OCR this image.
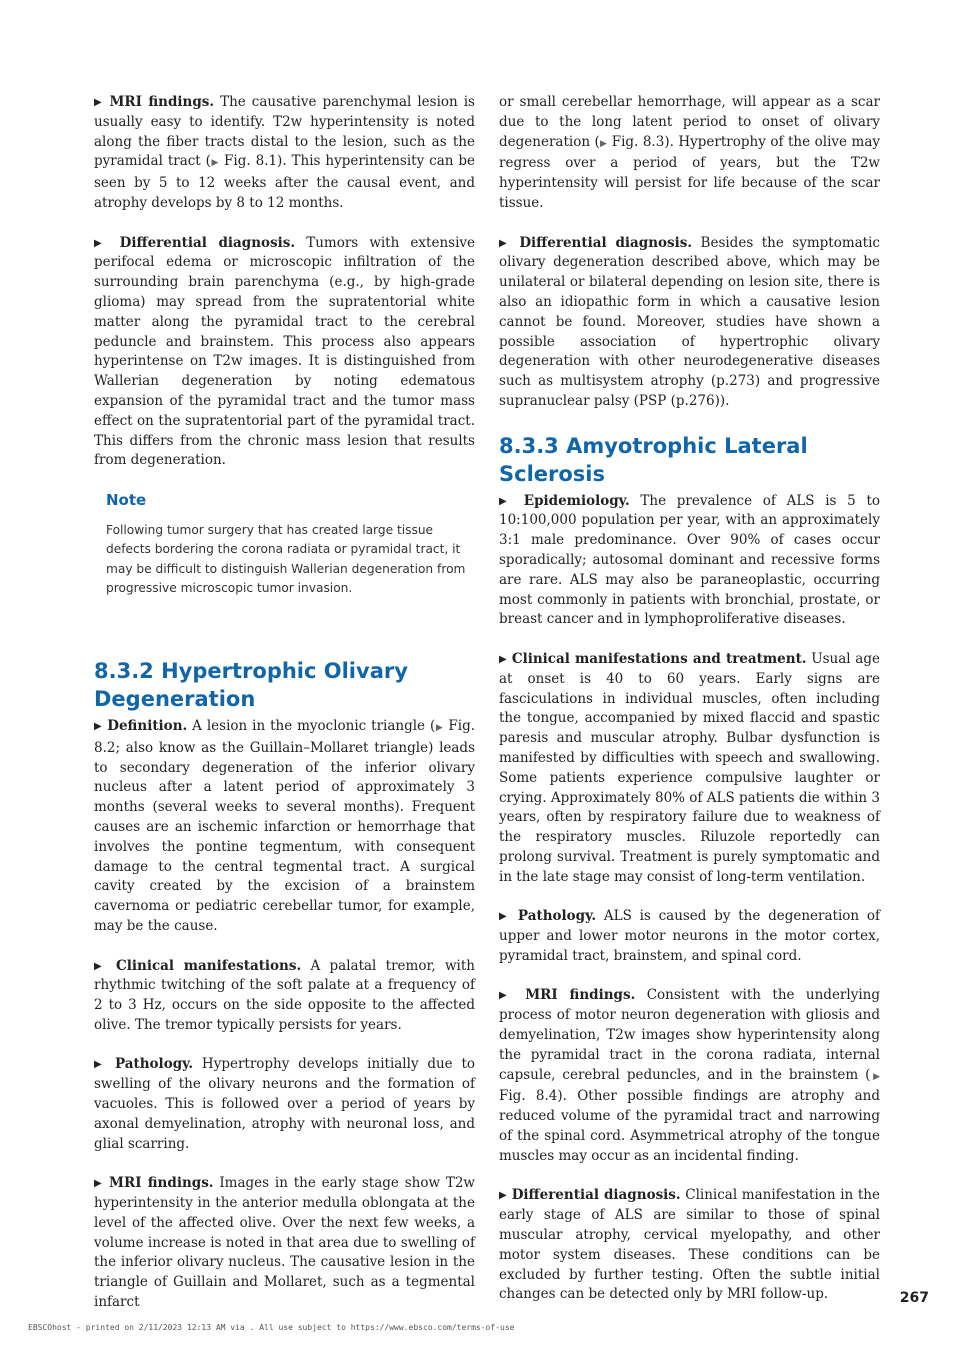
▶ MRI findings. The causative parenchymal lesion is usually easy to identify. T2w hyperintensity is noted along the fiber tracts distal to the lesion, such as the pyramidal tract (▶ Fig. 8.1). This hyperintensity can be seen by 5 to 12 weeks after the causal event, and atrophy develops by 8 to 12 months.

▶ Differential diagnosis. Tumors with extensive perifocal edema or microscopic infiltration of the surrounding brain parenchyma (e.g., by high-grade glioma) may spread from the supratentorial white matter along the pyramidal tract to the cerebral peduncle and brainstem. This process also appears hyperintense on T2w images. It is distinguished from Wallerian degeneration by noting edematous expansion of the pyramidal tract and the tumor mass effect on the supratentorial part of the pyramidal tract. This differs from the chronic mass lesion that results from degeneration.

Note

Following tumor surgery that has created large tissue defects bordering the corona radiata or pyramidal tract, it may be difficult to distinguish Wallerian degeneration from progressive microscopic tumor invasion.

8.3.2 Hypertrophic Olivary Degeneration

▶ Definition. A lesion in the myoclonic triangle (▶ Fig. 8.2; also know as the Guillain–Mollaret triangle) leads to secondary degeneration of the inferior olivary nucleus after a latent period of approximately 3 months (several weeks to several months). Frequent causes are an ischemic infarction or hemorrhage that involves the pontine tegmentum, with consequent damage to the central tegmental tract. A surgical cavity created by the excision of a brainstem cavernoma or pediatric cerebellar tumor, for example, may be the cause.

▶ Clinical manifestations. A palatal tremor, with rhythmic twitching of the soft palate at a frequency of 2 to 3 Hz, occurs on the side opposite to the affected olive. The tremor typically persists for years.

▶ Pathology. Hypertrophy develops initially due to swelling of the olivary neurons and the formation of vacuoles. This is followed over a period of years by axonal demyelination, atrophy with neuronal loss, and glial scarring.

▶ MRI findings. Images in the early stage show T2w hyperintensity in the anterior medulla oblongata at the level of the affected olive. Over the next few weeks, a volume increase is noted in that area due to swelling of the inferior olivary nucleus. The causative lesion in the triangle of Guillain and Mollaret, such as a tegmental infarct

or small cerebellar hemorrhage, will appear as a scar due to the long latent period to onset of olivary degeneration (▶ Fig. 8.3). Hypertrophy of the olive may regress over a period of years, but the T2w hyperintensity will persist for life because of the scar tissue.

▶ Differential diagnosis. Besides the symptomatic olivary degeneration described above, which may be unilateral or bilateral depending on lesion site, there is also an idiopathic form in which a causative lesion cannot be found. Moreover, studies have shown a possible association of hypertrophic olivary degeneration with other neurodegenerative diseases such as multisystem atrophy (p.273) and progressive supranuclear palsy (PSP (p.276)).

8.3.3 Amyotrophic Lateral Sclerosis

▶ Epidemiology. The prevalence of ALS is 5 to 10:100,000 population per year, with an approximately 3:1 male predominance. Over 90% of cases occur sporadically; autosomal dominant and recessive forms are rare. ALS may also be paraneoplastic, occurring most commonly in patients with bronchial, prostate, or breast cancer and in lymphoproliferative diseases.

▶ Clinical manifestations and treatment. Usual age at onset is 40 to 60 years. Early signs are fasciculations in individual muscles, often including the tongue, accompanied by mixed flaccid and spastic paresis and muscular atrophy. Bulbar dysfunction is manifested by difficulties with speech and swallowing. Some patients experience compulsive laughter or crying. Approximately 80% of ALS patients die within 3 years, often by respiratory failure due to weakness of the respiratory muscles. Riluzole reportedly can prolong survival. Treatment is purely symptomatic and in the late stage may consist of long-term ventilation.

▶ Pathology. ALS is caused by the degeneration of upper and lower motor neurons in the motor cortex, pyramidal tract, brainstem, and spinal cord.

▶ MRI findings. Consistent with the underlying process of motor neuron degeneration with gliosis and demyelination, T2w images show hyperintensity along the pyramidal tract in the corona radiata, internal capsule, cerebral peduncles, and in the brainstem (▶ Fig. 8.4). Other possible findings are atrophy and reduced volume of the pyramidal tract and narrowing of the spinal cord. Asymmetrical atrophy of the tongue muscles may occur as an incidental finding.

▶ Differential diagnosis. Clinical manifestation in the early stage of ALS are similar to those of spinal muscular atrophy, cervical myelopathy, and other motor system diseases. These conditions can be excluded by further testing. Often the subtle initial changes can be detected only by MRI follow-up.	267
EBSCOhost - printed on 2/11/2023 12:13 AM via . All use subject to https://www.ebsco.com/terms-of-use
